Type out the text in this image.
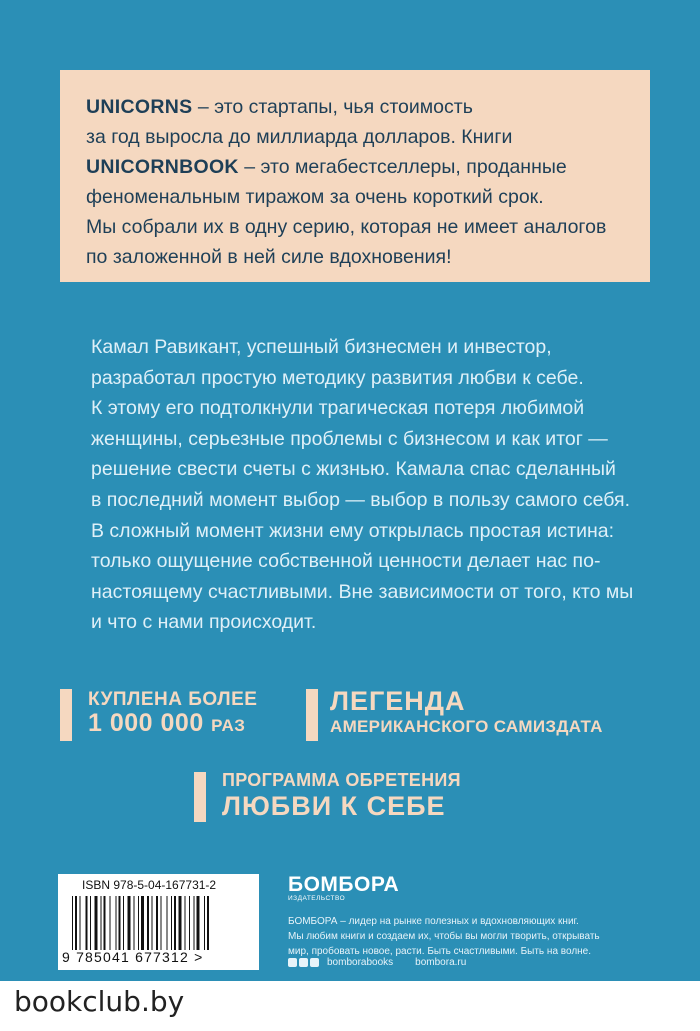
UNICORNS – это стартапы, чья стоимость
за год выросла до миллиарда долларов. Книги
UNICORNBOOK – это мегабестселлеры, проданные
феноменальным тиражом за очень короткий срок.
Мы собрали их в одну серию, которая не имеет аналогов
по заложенной в ней силе вдохновения!
Камал Равикант, успешный бизнесмен и инвестор,
разработал простую методику развития любви к себе.
К этому его подтолкнули трагическая потеря любимой
женщины, серьезные проблемы с бизнесом и как итог —
решение свести счеты с жизнью. Камала спас сделанный
в последний момент выбор — выбор в пользу самого себя.
В сложный момент жизни ему открылась простая истина:
только ощущение собственной ценности делает нас по-
настоящему счастливыми. Вне зависимости от того, кто мы
и что с нами происходит.
КУПЛЕНА БОЛЕЕ
1 000 000 РАЗ
ЛЕГЕНДА
АМЕРИКАНСКОГО САМИЗДАТА
ПРОГРАММА ОБРЕТЕНИЯ
ЛЮБВИ К СЕБЕ
ISBN 978-5-04-167731-2
9 785041 677312 >
БОМБОРА
ИЗДАТЕЛЬСТВО
БОМБОРА – лидер на рынке полезных и вдохновляющих книг.
Мы любим книги и создаем их, чтобы вы могли творить, открывать
мир, пробовать новое, расти. Быть счастливыми. Быть на волне.
bomborabooks bombora.ru
bookclub.by
